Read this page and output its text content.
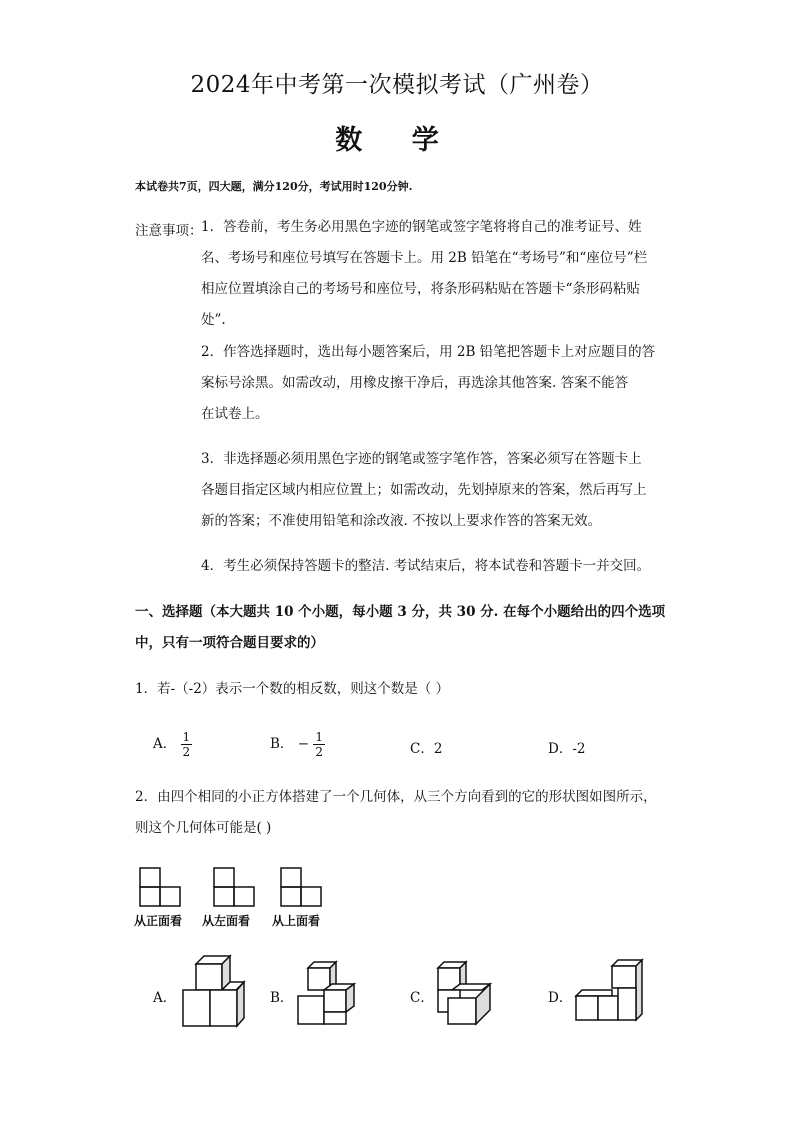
2024年中考第一次模拟考试（广州卷）
数 学
本试卷共7页，四大题，满分120分，考试用时120分钟.
注意事项：
1．答卷前，考生务必用黑色字迹的钢笔或签字笔将将自己的准考证号、姓
名、考场号和座位号填写在答题卡上。用 2B 铅笔在“考场号”和“座位号”栏
相应位置填涂自己的考场号和座位号，将条形码粘贴在答题卡“条形码粘贴
处”.
2．作答选择题时，选出每小题答案后，用 2B 铅笔把答题卡上对应题目的答
案标号涂黑。如需改动，用橡皮擦干净后，再选涂其他答案. 答案不能答
在试卷上。
3．非选择题必须用黑色字迹的钢笔或签字笔作答，答案必须写在答题卡上
各题目指定区域内相应位置上；如需改动，先划掉原来的答案，然后再写上
新的答案；不准使用铅笔和涂改液. 不按以上要求作答的答案无效。
4．考生必须保持答题卡的整洁. 考试结束后，将本试卷和答题卡一并交回。
一、选择题（本大题共 10 个小题，每小题 3 分，共 30 分. 在每个小题给出的四个选项
中，只有一项符合题目要求的）
1．若-（-2）表示一个数的相反数，则这个数是（ ）
A． $\frac{1}{2}$	B． − $\frac{1}{2}$	C．2	D．-2
2．由四个相同的小正方体搭建了一个几何体，从三个方向看到的它的形状图如图所示，
则这个几何体可能是( )
从正面看 从左面看 从上面看
A．	B．	C．	D．
